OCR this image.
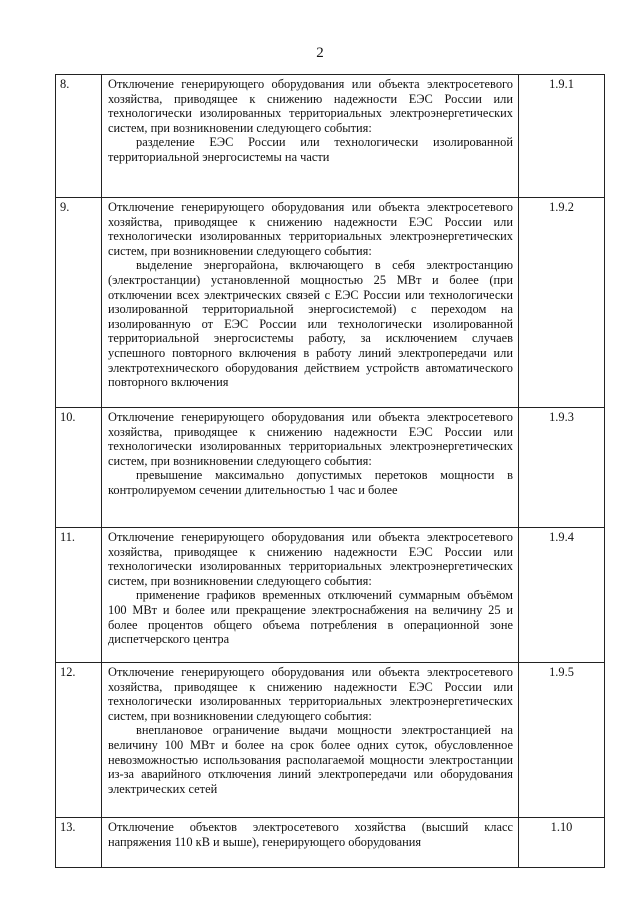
2
8.	Отключение генерирующего оборудования или объекта электросетевого хозяйства, приводящее к снижению надежности ЕЭС России или технологически изолированных территориальных электроэнергетических систем, при возникновении следующего события:
разделение ЕЭС России или технологически изолированной территориальной энергосистемы на части	1.9.1
9.	Отключение генерирующего оборудования или объекта электросетевого хозяйства, приводящее к снижению надежности ЕЭС России или технологически изолированных территориальных электроэнергетических систем, при возникновении следующего события:
выделение энергорайона, включающего в себя электростанцию (электростанции) установленной мощностью 25 МВт и более (при отключении всех электрических связей с ЕЭС России или технологически изолированной территориальной энергосистемой) с переходом на изолированную от ЕЭС России или технологически изолированной территориальной энергосистемы работу, за исключением случаев успешного повторного включения в работу линий электропередачи или электротехнического оборудования действием устройств автоматического повторного включения	1.9.2
10.	Отключение генерирующего оборудования или объекта электросетевого хозяйства, приводящее к снижению надежности ЕЭС России или технологически изолированных территориальных электроэнергетических систем, при возникновении следующего события:
превышение максимально допустимых перетоков мощности в контролируемом сечении длительностью 1 час и более	1.9.3
11.	Отключение генерирующего оборудования или объекта электросетевого хозяйства, приводящее к снижению надежности ЕЭС России или технологически изолированных территориальных электроэнергетических систем, при возникновении следующего события:
применение графиков временных отключений суммарным объёмом 100 МВт и более или прекращение электроснабжения на величину 25 и более процентов общего объема потребления в операционной зоне диспетчерского центра	1.9.4
12.	Отключение генерирующего оборудования или объекта электросетевого хозяйства, приводящее к снижению надежности ЕЭС России или технологически изолированных территориальных электроэнергетических систем, при возникновении следующего события:
внеплановое ограничение выдачи мощности электростанцией на величину 100 МВт и более на срок более одних суток, обусловленное невозможностью использования располагаемой мощности электростанции из-за аварийного отключения линий электропередачи или оборудования электрических сетей	1.9.5
13.	Отключение объектов электросетевого хозяйства (высший класс напряжения 110 кВ и выше), генерирующего оборудования	1.10
